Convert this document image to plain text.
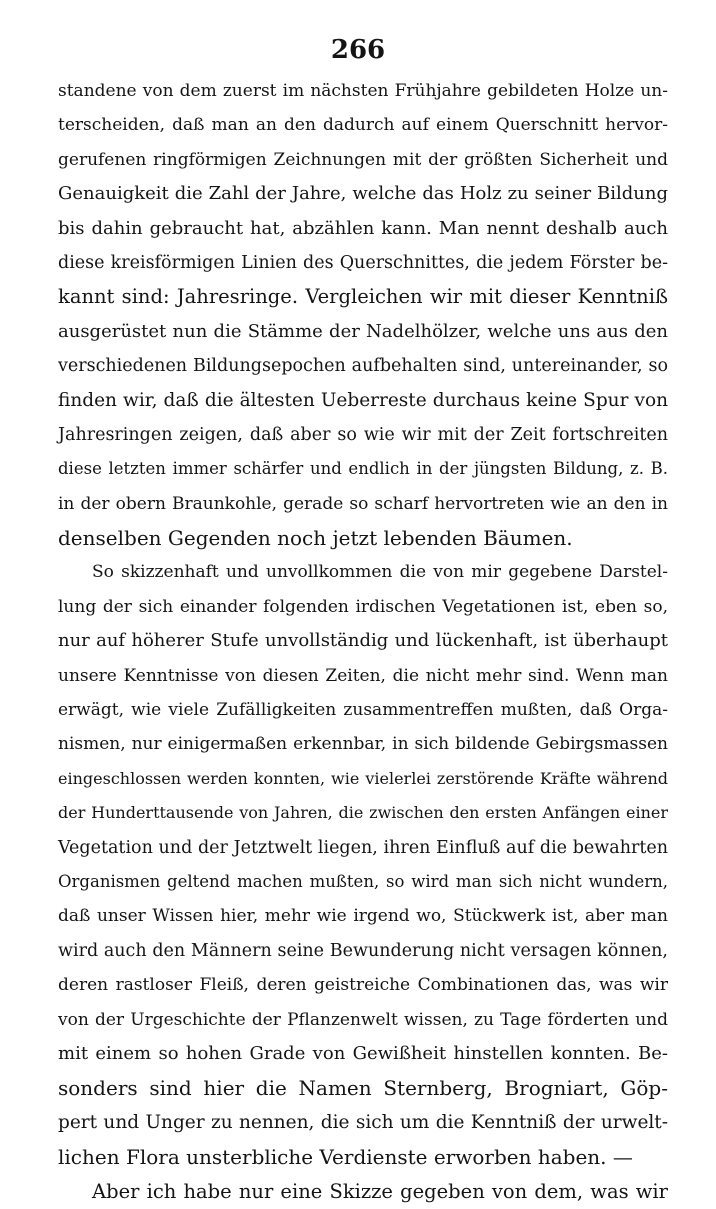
266
standene von dem zuerst im nächsten Frühjahre gebildeten Holze un-
terscheiden, daß man an den dadurch auf einem Querschnitt hervor-
gerufenen ringförmigen Zeichnungen mit der größten Sicherheit und
Genauigkeit die Zahl der Jahre, welche das Holz zu seiner Bildung
bis dahin gebraucht hat, abzählen kann. Man nennt deshalb auch
diese kreisförmigen Linien des Querschnittes, die jedem Förster be-
kannt sind: Jahresringe. Vergleichen wir mit dieser Kenntniß
ausgerüstet nun die Stämme der Nadelhölzer, welche uns aus den
verschiedenen Bildungsepochen aufbehalten sind, untereinander, so
finden wir, daß die ältesten Ueberreste durchaus keine Spur von
Jahresringen zeigen, daß aber so wie wir mit der Zeit fortschreiten
diese letzten immer schärfer und endlich in der jüngsten Bildung, z. B.
in der obern Braunkohle, gerade so scharf hervortreten wie an den in
denselben Gegenden noch jetzt lebenden Bäumen.
So skizzenhaft und unvollkommen die von mir gegebene Darstel-
lung der sich einander folgenden irdischen Vegetationen ist, eben so,
nur auf höherer Stufe unvollständig und lückenhaft, ist überhaupt
unsere Kenntnisse von diesen Zeiten, die nicht mehr sind. Wenn man
erwägt, wie viele Zufälligkeiten zusammentreffen mußten, daß Orga-
nismen, nur einigermaßen erkennbar, in sich bildende Gebirgsmassen
eingeschlossen werden konnten, wie vielerlei zerstörende Kräfte während
der Hunderttausende von Jahren, die zwischen den ersten Anfängen einer
Vegetation und der Jetztwelt liegen, ihren Einfluß auf die bewahrten
Organismen geltend machen mußten, so wird man sich nicht wundern,
daß unser Wissen hier, mehr wie irgend wo, Stückwerk ist, aber man
wird auch den Männern seine Bewunderung nicht versagen können,
deren rastloser Fleiß, deren geistreiche Combinationen das, was wir
von der Urgeschichte der Pflanzenwelt wissen, zu Tage förderten und
mit einem so hohen Grade von Gewißheit hinstellen konnten. Be-
sonders sind hier die Namen Sternberg, Brogniart, Göp-
pert und Unger zu nennen, die sich um die Kenntniß der urwelt-
lichen Flora unsterbliche Verdienste erworben haben. —
Aber ich habe nur eine Skizze gegeben von dem, was wir
